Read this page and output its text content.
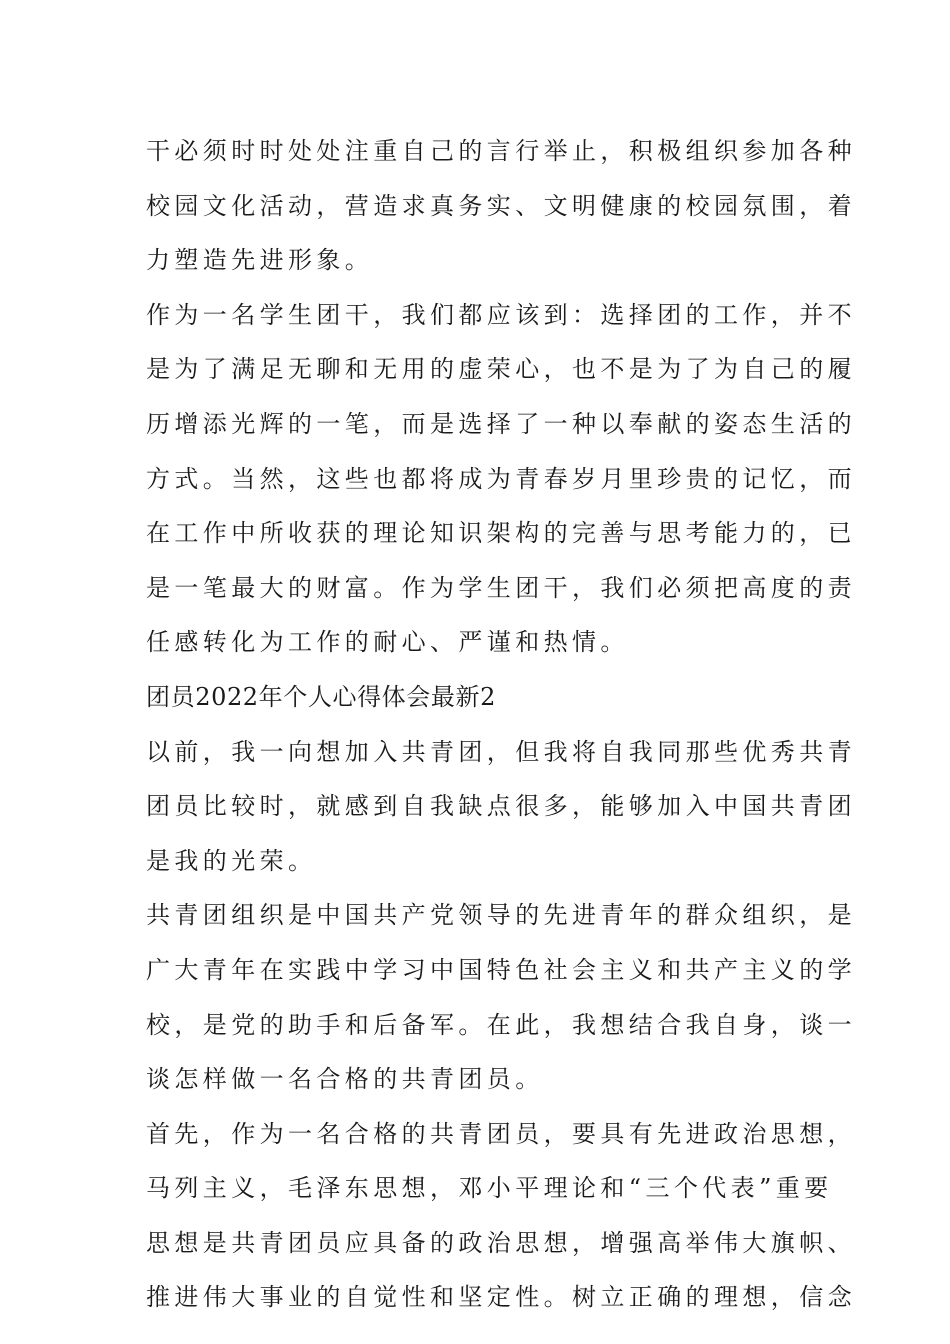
干必须时时处处注重自己的言行举止，积极组织参加各种
校园文化活动，营造求真务实、文明健康的校园氛围，着
力塑造先进形象。
作为一名学生团干，我们都应该到：选择团的工作，并不
是为了满足无聊和无用的虚荣心，也不是为了为自己的履
历增添光辉的一笔，而是选择了一种以奉献的姿态生活的
方式。当然，这些也都将成为青春岁月里珍贵的记忆，而
在工作中所收获的理论知识架构的完善与思考能力的，已
是一笔最大的财富。作为学生团干，我们必须把高度的责
任感转化为工作的耐心、严谨和热情。
团员2022年个人心得体会最新2
以前，我一向想加入共青团，但我将自我同那些优秀共青
团员比较时，就感到自我缺点很多，能够加入中国共青团
是我的光荣。
共青团组织是中国共产党领导的先进青年的群众组织，是
广大青年在实践中学习中国特色社会主义和共产主义的学
校，是党的助手和后备军。在此，我想结合我自身，谈一
谈怎样做一名合格的共青团员。
首先，作为一名合格的共青团员，要具有先进政治思想，
马列主义，毛泽东思想，邓小平理论和“三个代表”重要
思想是共青团员应具备的政治思想，增强高举伟大旗帜、
推进伟大事业的自觉性和坚定性。树立正确的理想，信念
